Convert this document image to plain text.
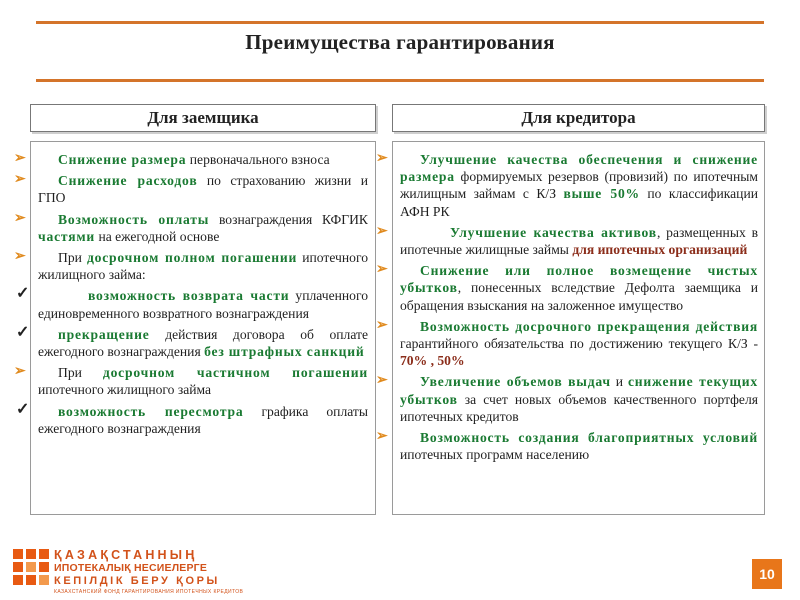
Преимущества гарантирования
Для заемщика	Для кредитора
➢ Снижение размера первоначального взноса
➢ Снижение расходов по страхованию жизни и ГПО
➢ Возможность оплаты вознаграждения КФГИК частями на ежегодной основе
➢ При досрочном полном погашении ипотечного жилищного займа:
✓	возможность возврата части уплаченного единовременного возвратного вознаграждения
✓ прекращение действия договора об оплате ежегодного вознаграждения без штрафных санкций
➢ При досрочном частичном погашении ипотечного жилищного займа
✓ возможность пересмотра графика оплаты ежегодного вознаграждения
➢ Улучшение качества обеспечения и снижение размера формируемых резервов (провизий) по ипотечным жилищным займам с К/З выше 50% по классификации АФН РК
➢	Улучшение качества активов, размещенных в ипотечные жилищные займы для ипотечных организаций
➢ Снижение или полное возмещение чистых убытков, понесенных вследствие Дефолта заемщика и обращения взыскания на заложенное имущество
➢ Возможность досрочного прекращения действия гарантийного обязательства по достижению текущего К/З - 70% , 50%
➢ Увеличение объемов выдач и снижение текущих убытков за счет новых объемов качественного портфеля ипотечных кредитов
➢ Возможность создания благоприятных условий ипотечных программ населению
ҚАЗАҚСТАННЫҢ
ИПОТЕКАЛЫҚ НЕСИЕЛЕРГЕ
КЕПІЛДІК БЕРУ ҚОРЫ
КАЗАХСТАНСКИЙ ФОНД ГАРАНТИРОВАНИЯ ИПОТЕЧНЫХ КРЕДИТОВ
10
